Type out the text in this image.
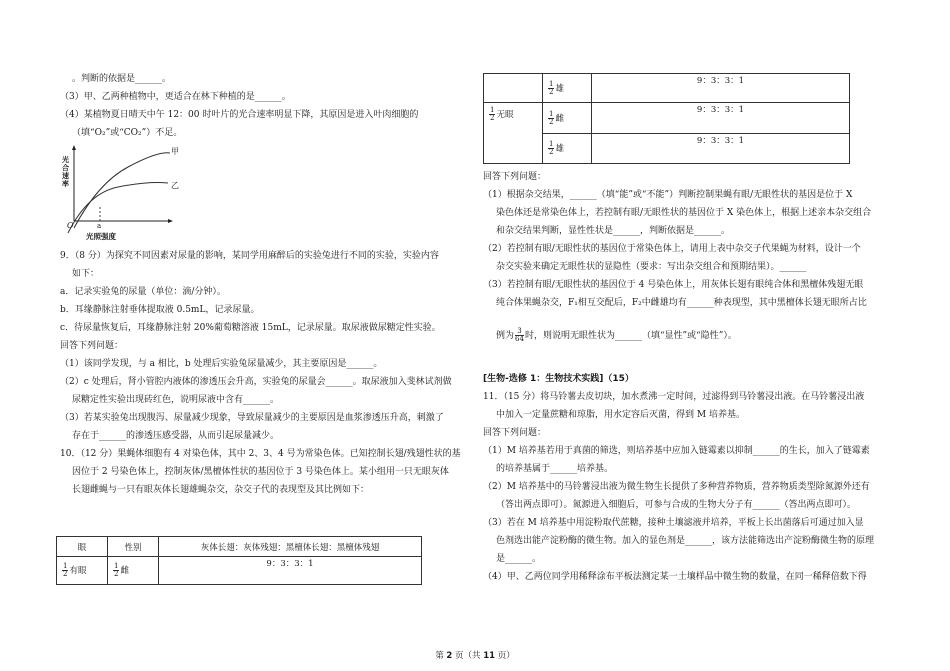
。判断的依据是______。
（3）甲、乙两种植物中，更适合在林下种植的是______。
（4）某植物夏日晴天中午 12：00 时叶片的光合速率明显下降，其原因是进入叶肉细胞的
（填“O₂”或“CO₂”）不足。
光合速率
甲
乙
O	a
光照强度
9．（8 分）为探究不同因素对尿量的影响，某同学用麻醉后的实验兔进行不同的实验，实验内容
如下：
a．记录实验兔的尿量（单位：滴/分钟）。
b．耳缘静脉注射垂体提取液 0.5mL，记录尿量。
c．待尿量恢复后，耳缘静脉注射 20%葡萄糖溶液 15mL，记录尿量。取尿液做尿糖定性实验。
回答下列问题：
（1）该同学发现，与 a 相比，b 处理后实验兔尿量减少，其主要原因是______。
（2）c 处理后，肾小管腔内液体的渗透压会升高，实验兔的尿量会______。取尿液加入斐林试剂做
尿糖定性实验出现砖红色，说明尿液中含有______。
（3）若某实验兔出现腹泻、尿量减少现象，导致尿量减少的主要原因是血浆渗透压升高，刺激了
存在于______的渗透压感受器，从而引起尿量减少。
10．（12 分）果蝇体细胞有 4 对染色体，其中 2、3、4 号为常染色体。已知控制长翅/残翅性状的基
因位于 2 号染色体上，控制灰体/黑檀体性状的基因位于 3 号染色体上。某小组用一只无眼灰体
长翅雌蝇与一只有眼灰体长翅雄蝇杂交，杂交子代的表现型及其比例如下：
眼	性别	灰体长翅：灰体残翅：黑檀体长翅：黑檀体残翅

$\frac{1}{2}$ 有眼	$\frac{1}{2}$ 雌	9：3：3：1

	$\frac{1}{2}$ 雄	9：3：3：1

$\frac{1}{2}$ 无眼	$\frac{1}{2}$ 雌	9：3：3：1

	$\frac{1}{2}$ 雄	9：3：3：1
回答下列问题：
（1）根据杂交结果，______（填“能”或“不能”）判断控制果蝇有眼/无眼性状的基因是位于 X
染色体还是常染色体上，若控制有眼/无眼性状的基因位于 X 染色体上，根据上述亲本杂交组合
和杂交结果判断，显性性状是______，判断依据是______。
（2）若控制有眼/无眼性状的基因位于常染色体上，请用上表中杂交子代果蝇为材料，设计一个
杂交实验来确定无眼性状的显隐性（要求：写出杂交组合和预期结果）。______
（3）若控制有眼/无眼性状的基因位于 4 号染色体上，用灰体长翅有眼纯合体和黑檀体残翅无眼
纯合体果蝇杂交，F₁相互交配后，F₂中雌雄均有______种表现型，其中黑檀体长翅无眼所占比
例为 $\frac{3}{64}$ 时，则说明无眼性状为______（填“显性”或“隐性”）。
[生物-选修 1：生物技术实践]（15）
11．（15 分）将马铃薯去皮切块，加水煮沸一定时间，过滤得到马铃薯浸出液。在马铃薯浸出液
中加入一定量蔗糖和琼脂，用水定容后灭菌，得到 M 培养基。
回答下列问题：
（1）M 培养基若用于真菌的筛选，则培养基中应加入链霉素以抑制______的生长，加入了链霉素
的培养基属于______培养基。
（2）M 培养基中的马铃薯浸出液为微生物生长提供了多种营养物质，营养物质类型除氮源外还有
（答出两点即可）。氮源进入细胞后，可参与合成的生物大分子有______（答出两点即可）。
（3）若在 M 培养基中用淀粉取代蔗糖，接种土壤滤液并培养，平板上长出菌落后可通过加入显
色剂选出能产淀粉酶的微生物。加入的显色剂是______，该方法能筛选出产淀粉酶微生物的原理
是______。
（4）甲、乙两位同学用稀释涂布平板法测定某一土壤样品中微生物的数量，在同一稀释倍数下得
第 2 页（共 11 页）
